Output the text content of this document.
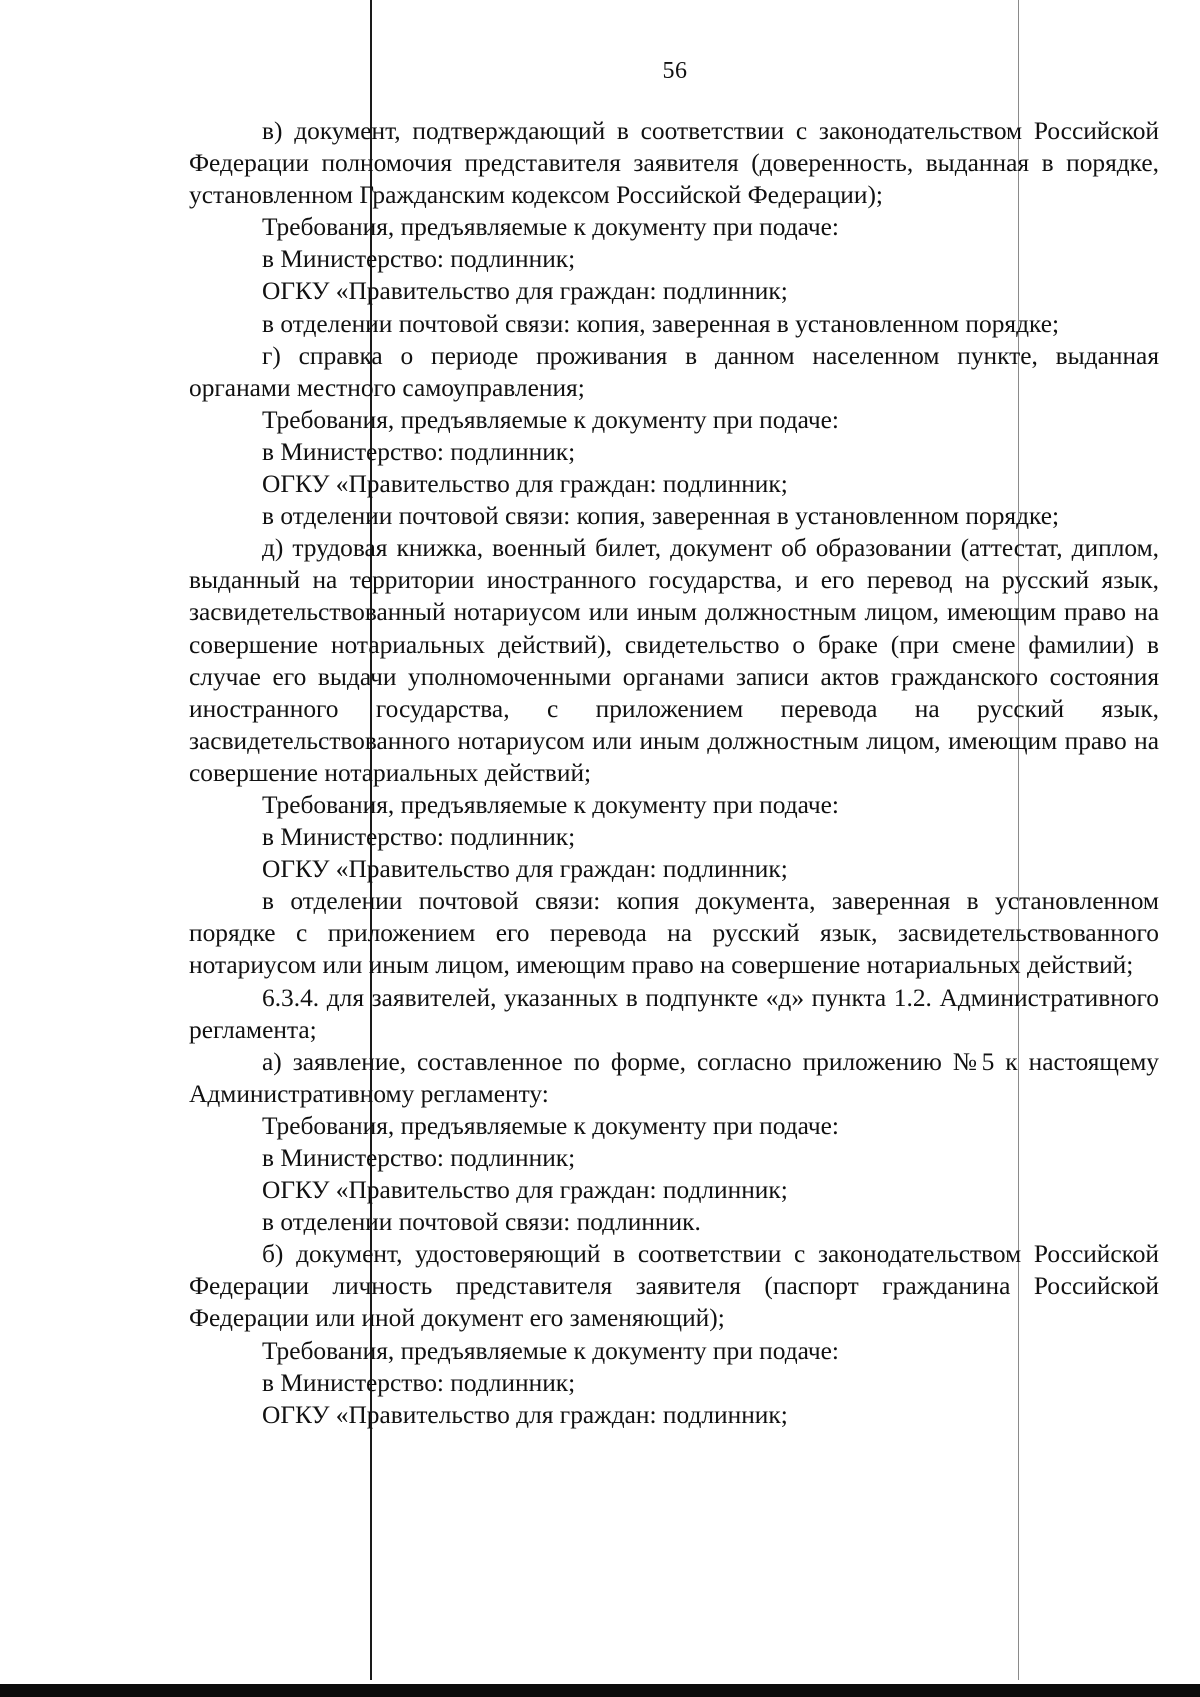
56

в) документ, подтверждающий в соответствии с законодательством Российской Федерации полномочия представителя заявителя (доверенность, выданная в порядке, установленном Гражданским кодексом Российской Федерации);

Требования, предъявляемые к документу при подаче:

в Министерство: подлинник;

ОГКУ «Правительство для граждан: подлинник;

в отделении почтовой связи: копия, заверенная в установленном порядке;

г) справка о периоде проживания в данном населенном пункте, выданная органами местного самоуправления;

Требования, предъявляемые к документу при подаче:

в Министерство: подлинник;

ОГКУ «Правительство для граждан: подлинник;

в отделении почтовой связи: копия, заверенная в установленном порядке;

д) трудовая книжка, военный билет, документ об образовании (аттестат, диплом, выданный на территории иностранного государства, и его перевод на русский язык, засвидетельствованный нотариусом или иным должностным лицом, имеющим право на совершение нотариальных действий), свидетельство о браке (при смене фамилии) в случае его выдачи уполномоченными органами записи актов гражданского состояния иностранного государства, с приложением перевода на русский язык, засвидетельствованного нотариусом или иным должностным лицом, имеющим право на совершение нотариальных действий;

Требования, предъявляемые к документу при подаче:

в Министерство: подлинник;

ОГКУ «Правительство для граждан: подлинник;

в отделении почтовой связи: копия документа, заверенная в установленном порядке с приложением его перевода на русский язык, засвидетельствованного нотариусом или иным лицом, имеющим право на совершение нотариальных действий;

6.3.4. для заявителей, указанных в подпункте «д» пункта 1.2. Административного регламента;

а) заявление, составленное по форме, согласно приложению №5 к настоящему Административному регламенту:

Требования, предъявляемые к документу при подаче:

в Министерство: подлинник;

ОГКУ «Правительство для граждан: подлинник;

в отделении почтовой связи: подлинник.

б) документ, удостоверяющий в соответствии с законодательством Российской Федерации личность представителя заявителя (паспорт гражданина Российской Федерации или иной документ его заменяющий);

Требования, предъявляемые к документу при подаче:

в Министерство: подлинник;

ОГКУ «Правительство для граждан: подлинник;
